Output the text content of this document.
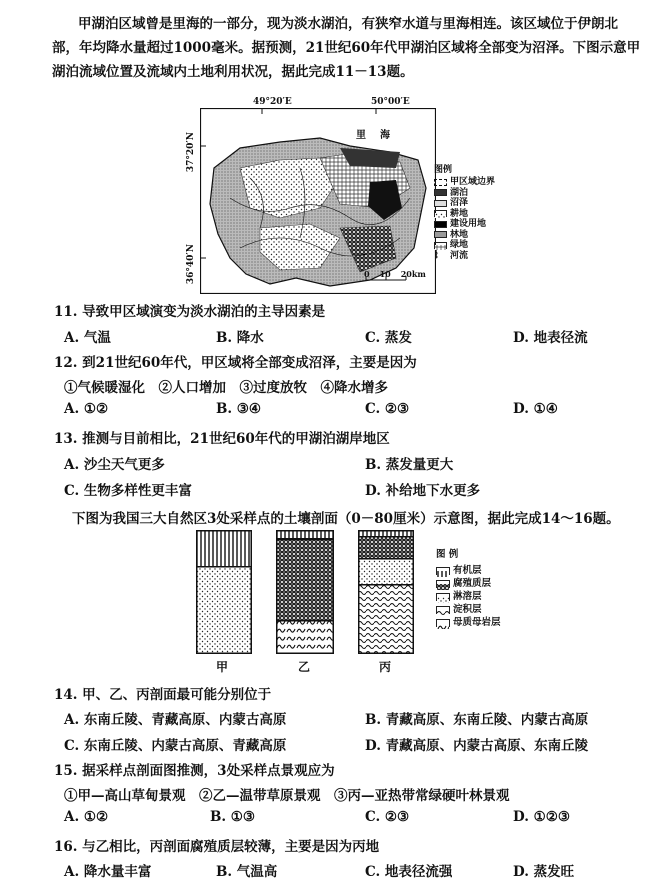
甲湖泊区域曾是里海的一部分，现为淡水湖泊，有狭窄水道与里海相连。该区域位于伊朗北部，年均降水量超过1000毫米。据预测，21世纪60年代甲湖泊区域将全部变为沼泽。下图示意甲湖泊流域位置及流域内土地利用状况，据此完成11－13题。
49°20′E	50°00′E
37°20′N
36°40′N
里　海
0 10 20km
图例
甲区域边界
湖泊
沼泽
耕地
建设用地
林地
绿地
⌇	河流
11. 导致甲区域演变为淡水湖泊的主导因素是
A. 气温	B. 降水	C. 蒸发	D. 地表径流
12. 到21世纪60年代，甲区域将全部变成沼泽，主要是因为
①气候暖湿化　②人口增加　③过度放牧　④降水增多
A. ①②	B. ③④	C. ②③	D. ①④
13. 推测与目前相比，21世纪60年代的甲湖泊湖岸地区
A. 沙尘天气更多	B. 蒸发量更大
C. 生物多样性更丰富	D. 补给地下水更多
下图为我国三大自然区3处采样点的土壤剖面（0－80厘米）示意图，据此完成14～16题。
甲	乙	丙
图 例
有机层
腐殖质层
淋溶层
淀积层
母质母岩层
14. 甲、乙、丙剖面最可能分别位于
A. 东南丘陵、青藏高原、内蒙古高原	B. 青藏高原、东南丘陵、内蒙古高原
C. 东南丘陵、内蒙古高原、青藏高原	D. 青藏高原、内蒙古高原、东南丘陵
15. 据采样点剖面图推测，3处采样点景观应为
①甲—高山草甸景观　②乙—温带草原景观　③丙—亚热带常绿硬叶林景观
A. ①②	B. ①③	C. ②③	D. ①②③
16. 与乙相比，丙剖面腐殖质层较薄，主要是因为丙地
A. 降水量丰富	B. 气温高	C. 地表径流强	D. 蒸发旺
